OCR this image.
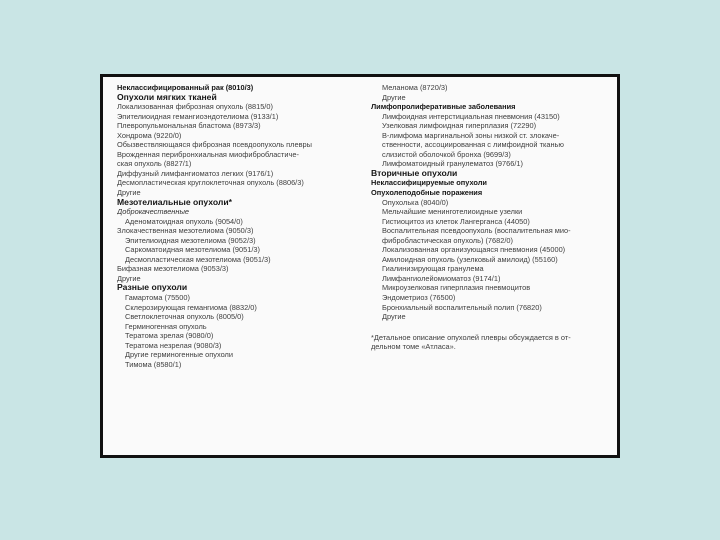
Неклассифицированный рак (8010/3)
Опухоли мягких тканей
Локализованная фиброзная опухоль (8815/0)
Эпителиоидная гемангиоэндотелиома (9133/1)
Плевропульмональная бластома (8973/3)
Хондрома (9220/0)
Обызвествляющаяся фиброзная псевдоопухоль плевры
Врожденная перибронхиальная миофибробластиче-
ская опухоль (8827/1)
Диффузный лимфангиоматоз легких (9176/1)
Десмопластическая круглоклеточная опухоль (8806/3)
Другие
Мезотелиальные опухоли*
Доброкачественные
Аденоматоидная опухоль (9054/0)
Злокачественная мезотелиома (9050/3)
Эпителиоидная мезотелиома (9052/3)
Саркоматоидная мезотелиома (9051/3)
Десмопластическая мезотелиома (9051/3)
Бифазная мезотелиома (9053/3)
Другие
Разные опухоли
Гамартома (75500)
Склерозирующая гемангиома (8832/0)
Светлоклеточная опухоль (8005/0)
Герминогенная опухоль
Тератома зрелая (9080/0)
Тератома незрелая (9080/3)
Другие герминогенные опухоли
Тимома (8580/1)
Меланома (8720/3)
Другие
Лимфопролиферативные заболевания
Лимфоидная интерстициальная пневмония (43150)
Узелковая лимфоидная гиперплазия (72290)
В-лимфома маргинальной зоны низкой ст. злокаче-
ственности, ассоциированная с лимфоидной тканью
слизистой оболочкой бронха (9699/3)
Лимфоматоидный гранулематоз (9766/1)
Вторичные опухоли
Неклассифицируемые опухоли
Опухолеподобные поражения
Опухолька (8040/0)
Мельчайшие менинготелиоидные узелки
Гистиоцитоз из клеток Лангерганса (44050)
Воспалительная псевдоопухоль (воспалительная мио-
фибробластическая опухоль) (7682/0)
Локализованная организующаяся пневмония (45000)
Амилоидная опухоль (узелковый амилоид) (55160)
Гиалинизирующая гранулема
Лимфангиолейомиоматоз (9174/1)
Микроузелковая гиперплазия пневмоцитов
Эндометриоз (76500)
Бронхиальный воспалительный полип (76820)
Другие
*Детальное описание опухолей плевры обсуждается в от-
дельном томе «Атласа».
